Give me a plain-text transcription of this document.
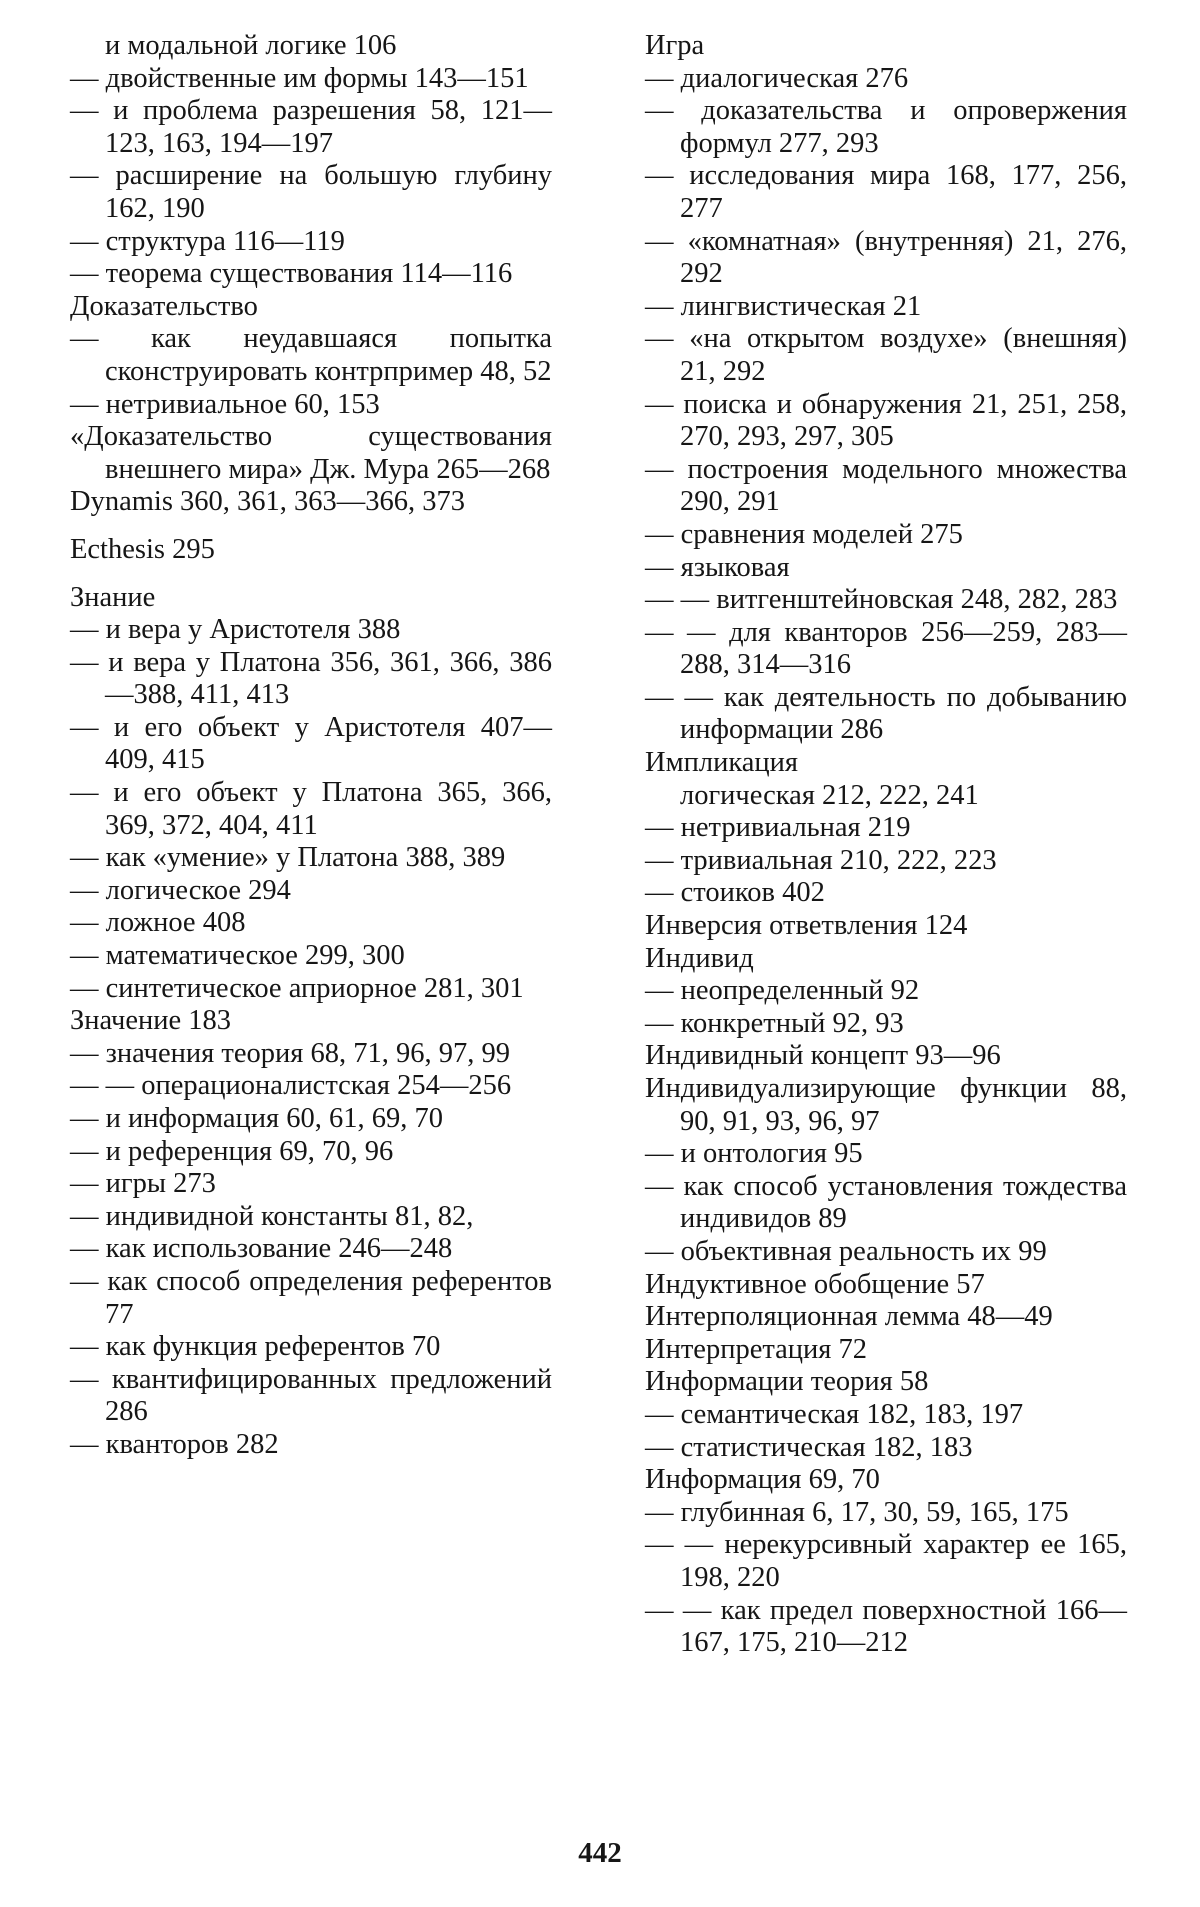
и модальной логике 106

— двойственные им формы 143—151

— и проблема разрешения 58, 121—123, 163, 194—197

— расширение на большую глубину 162, 190

— структура 116—119

— теорема существования 114—116

Доказательство

— как неудавшаяся попытка сконструировать контрпример 48, 52

— нетривиальное 60, 153

«Доказательство существования внешнего мира» Дж. Мура 265—268

Dynamis 360, 361, 363—366, 373

Ecthesis 295

Знание

— и вера у Аристотеля 388

— и вера у Платона 356, 361, 366, 386—388, 411, 413

— и его объект у Аристотеля 407—409, 415

— и его объект у Платона 365, 366, 369, 372, 404, 411

— как «умение» у Платона 388, 389

— логическое 294

— ложное 408

— математическое 299, 300

— синтетическое априорное 281, 301

Значение 183

— значения теория 68, 71, 96, 97, 99

— — операционалистская 254—256

— и информация 60, 61, 69, 70

— и референция 69, 70, 96

— игры 273

— индивидной константы 81, 82,

— как использование 246—248

— как способ определения референтов 77

— как функция референтов 70

— квантифицированных предложений 286

— кванторов 282

Игра

— диалогическая 276

— доказательства и опровержения формул 277, 293

— исследования мира 168, 177, 256, 277

— «комнатная» (внутренняя) 21, 276, 292

— лингвистическая 21

— «на открытом воздухе» (внешняя) 21, 292

— поиска и обнаружения 21, 251, 258, 270, 293, 297, 305

— построения модельного множества 290, 291

— сравнения моделей 275

— языковая

— — витгенштейновская 248, 282, 283

— — для кванторов 256—259, 283—288, 314—316

— — как деятельность по добыванию информации 286

Импликация

логическая 212, 222, 241

— нетривиальная 219

— тривиальная 210, 222, 223

— стоиков 402

Инверсия ответвления 124

Индивид

— неопределенный 92

— конкретный 92, 93

Индивидный концепт 93—96

Индивидуализирующие функции 88, 90, 91, 93, 96, 97

— и онтология 95

— как способ установления тождества индивидов 89

— объективная реальность их 99

Индуктивное обобщение 57

Интерполяционная лемма 48—49

Интерпретация 72

Информации теория 58

— семантическая 182, 183, 197

— статистическая 182, 183

Информация 69, 70

— глубинная 6, 17, 30, 59, 165, 175

— — нерекурсивный характер ее 165, 198, 220

— — как предел поверхностной 166—167, 175, 210—212

442
